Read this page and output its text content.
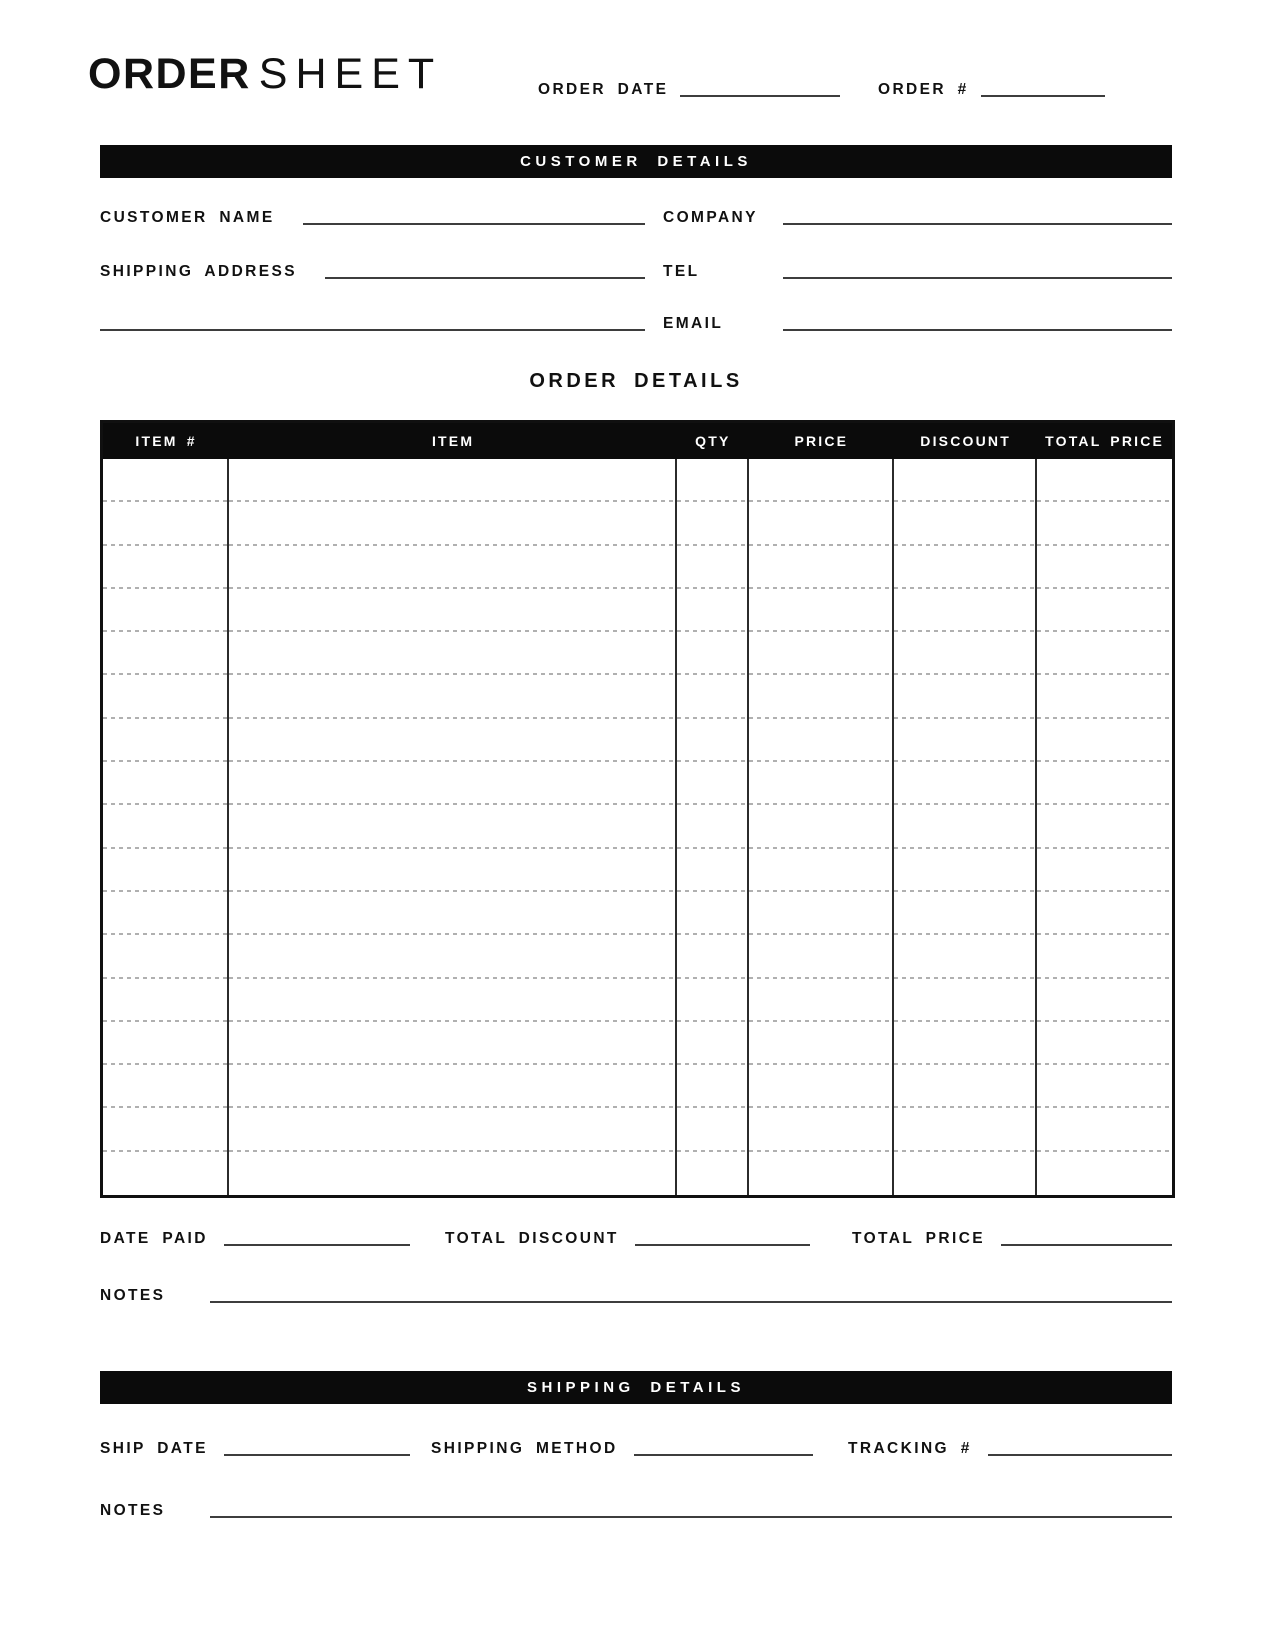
ORDER SHEET	ORDER DATE	ORDER #
CUSTOMER DETAILS
CUSTOMER NAME
SHIPPING ADDRESS
COMPANY
TEL
EMAIL
ORDER DETAILS
ITEM #	ITEM	QTY	PRICE	DISCOUNT	TOTAL PRICE
DATE PAID	TOTAL DISCOUNT	TOTAL PRICE
NOTES
SHIPPING DETAILS
SHIP DATE	SHIPPING METHOD	TRACKING #
NOTES
